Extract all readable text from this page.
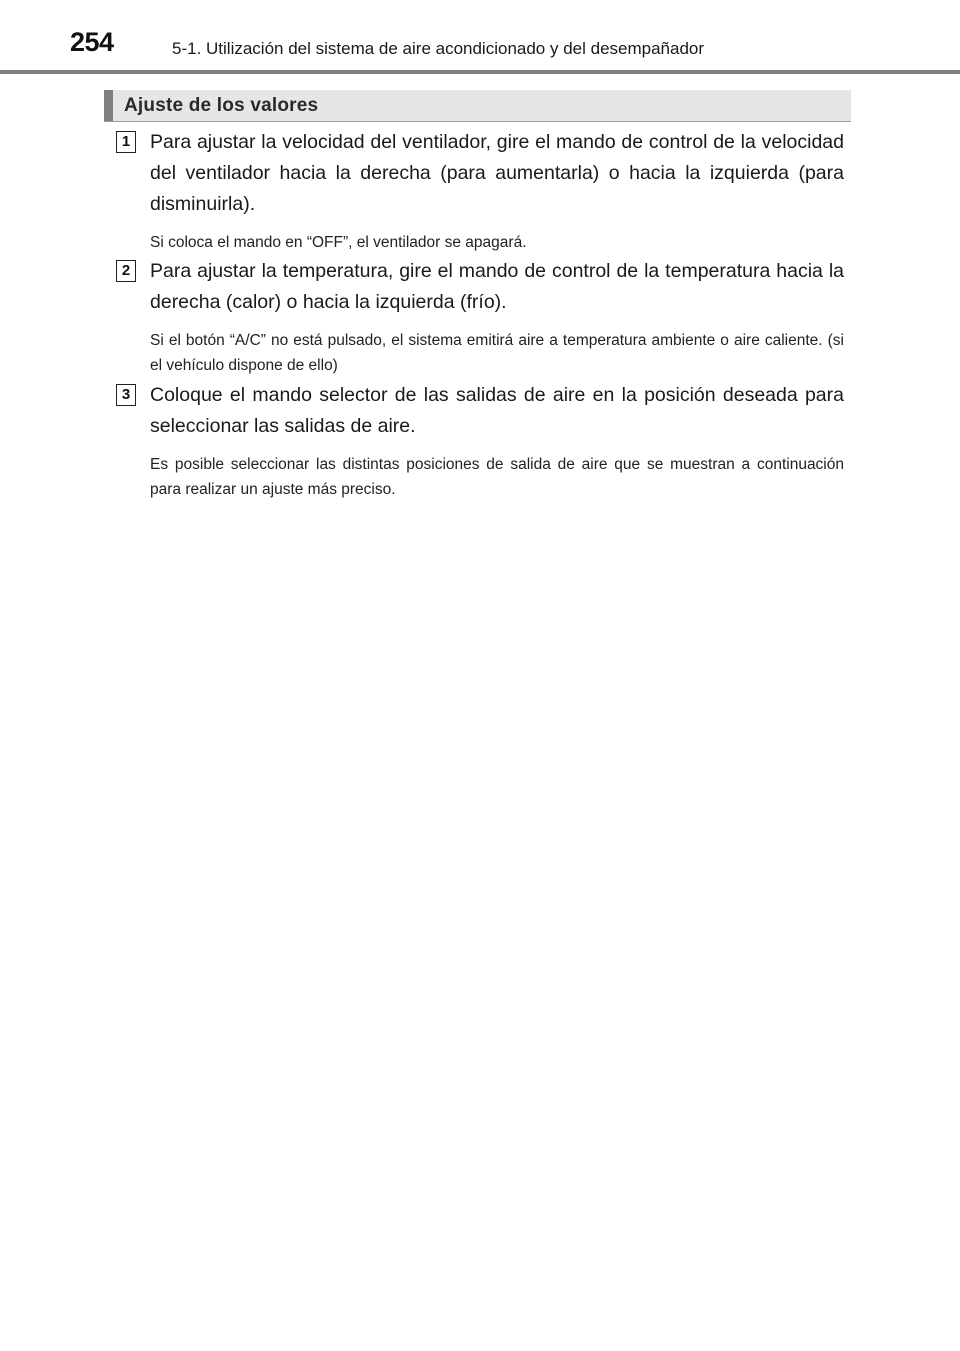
254	5-1. Utilización del sistema de aire acondicionado y del desempañador
Ajuste de los valores
1 Para ajustar la velocidad del ventilador, gire el mando de control de la velocidad del ventilador hacia la derecha (para aumentarla) o hacia la izquierda (para disminuirla).

Si coloca el mando en “OFF”, el ventilador se apagará.

2 Para ajustar la temperatura, gire el mando de control de la temperatura hacia la derecha (calor) o hacia la izquierda (frío).

Si el botón “A/C” no está pulsado, el sistema emitirá aire a temperatura ambiente o aire caliente. (si el vehículo dispone de ello)

3 Coloque el mando selector de las salidas de aire en la posición deseada para seleccionar las salidas de aire.

Es posible seleccionar las distintas posiciones de salida de aire que se muestran a continuación para realizar un ajuste más preciso.
